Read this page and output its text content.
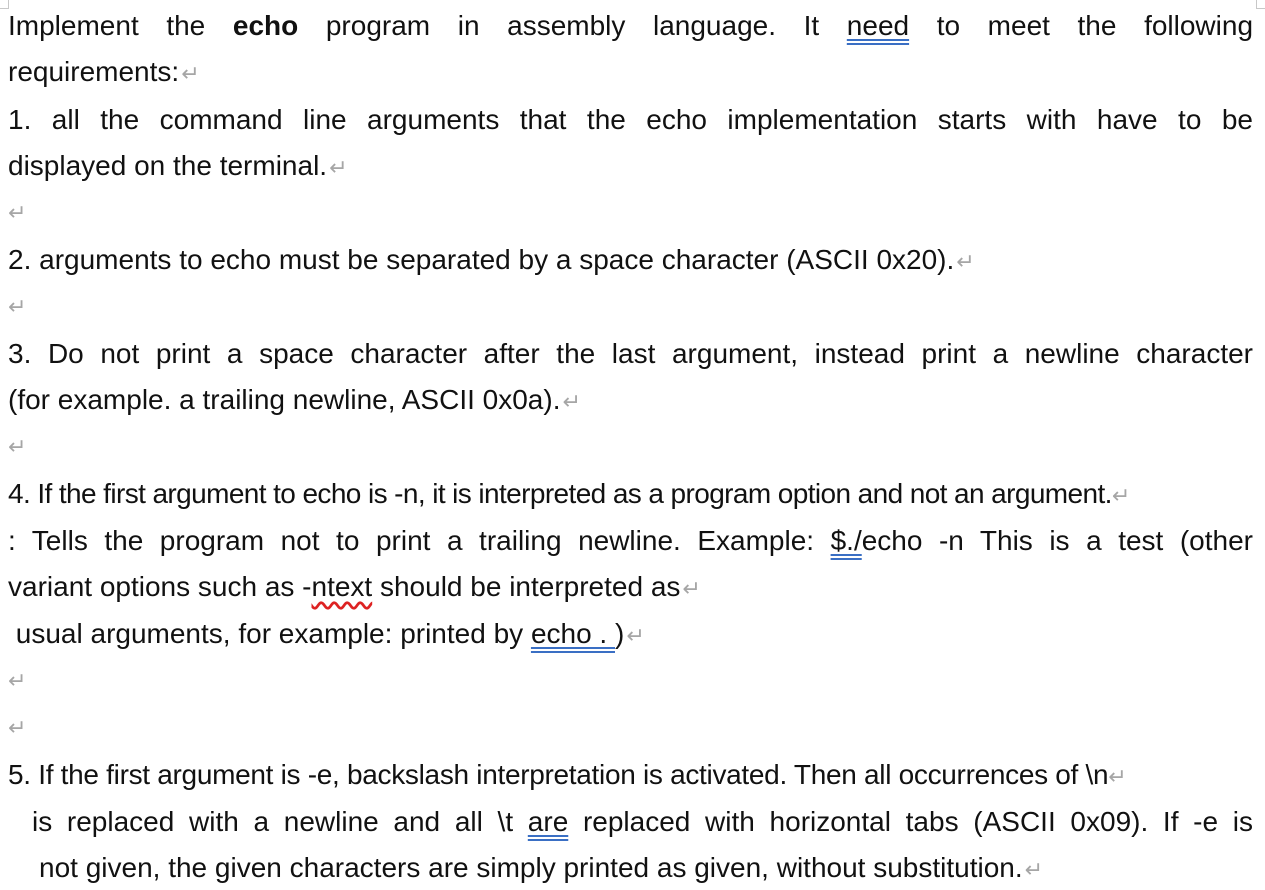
Implement the echo program in assembly language. It need to meet the following
requirements:↵
1. all the command line arguments that the echo implementation starts with have to be
displayed on the terminal.↵
↵
2. arguments to echo must be separated by a space character (ASCII 0x20).↵
↵
3. Do not print a space character after the last argument, instead print a newline character
(for example. a trailing newline, ASCII 0x0a).↵
↵
4. If the first argument to echo is -n, it is interpreted as a program option and not an argument.↵
: Tells the program not to print a trailing newline. Example: $./echo -n This is a test (other
variant options such as -ntext should be interpreted as↵
usual arguments, for example: printed by echo . )↵
↵
↵
5. If the first argument is -e, backslash interpretation is activated. Then all occurrences of \n↵
is replaced with a newline and all \t are replaced with horizontal tabs (ASCII 0x09). If -e is
not given, the given characters are simply printed as given, without substitution.↵
